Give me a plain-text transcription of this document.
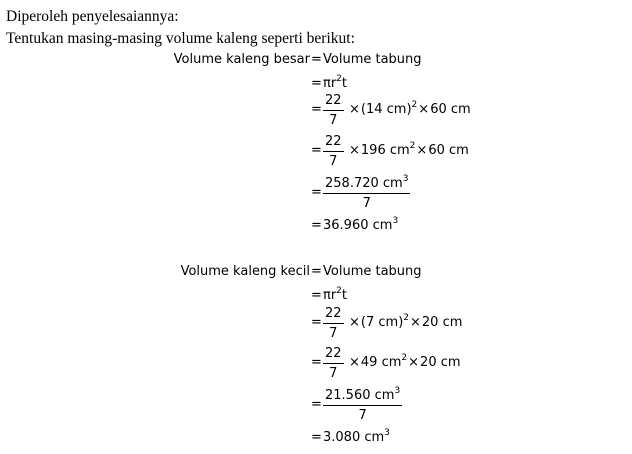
Diperoleh penyelesaiannya:
Tentukan masing-masing volume kaleng seperti berikut:
Volume kaleng besar = Volume tabung
= $\pi r^2t$
=
22
7
×(14 cm)$^2$×60 cm
=
22
7
×196 $cm^2\times 60$ cm
=
258.720 $cm^3$
7
= 36.960 $cm^3$
Volume kaleng kecil = Volume tabung
= $\pi r^2t$
=
22
7
×(7 cm)$^2$×20 cm
=
22
7
×49 $cm^2\times 20$ cm
=
21.560 $cm^3$
7
= 3.080 $cm^3$
